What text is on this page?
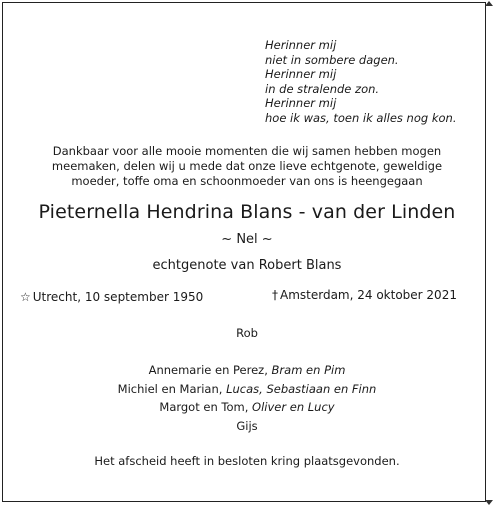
Herinner mij
niet in sombere dagen.
Herinner mij
in de stralende zon.
Herinner mij
hoe ik was, toen ik alles nog kon.
Dankbaar voor alle mooie momenten die wij samen hebben mogen
meemaken, delen wij u mede dat onze lieve echtgenote, geweldige
moeder, toffe oma en schoonmoeder van ons is heengegaan
Pieternella Hendrina Blans - van der Linden
~ Nel ~
echtgenote van Robert Blans
☆ Utrecht, 10 september 1950	† Amsterdam, 24 oktober 2021
Rob
Annemarie en Perez, Bram en Pim
Michiel en Marian, Lucas, Sebastiaan en Finn
Margot en Tom, Oliver en Lucy
Gijs
Het afscheid heeft in besloten kring plaatsgevonden.
